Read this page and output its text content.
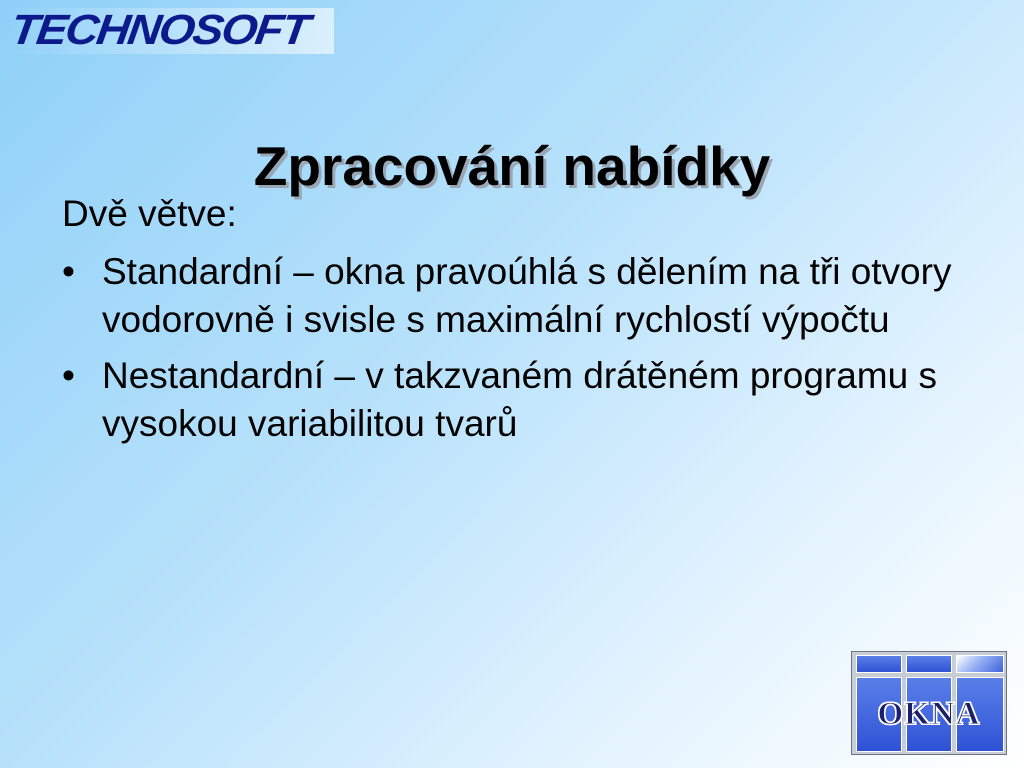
TECHNOSOFT
Zpracování nabídky

Dvě větve:

• Standardní – okna pravoúhlá s dělením na tři otvory vodorovně i svisle s maximální rychlostí výpočtu
• Nestandardní – v takzvaném drátěném programu s vysokou variabilitou tvarů
OKNA
